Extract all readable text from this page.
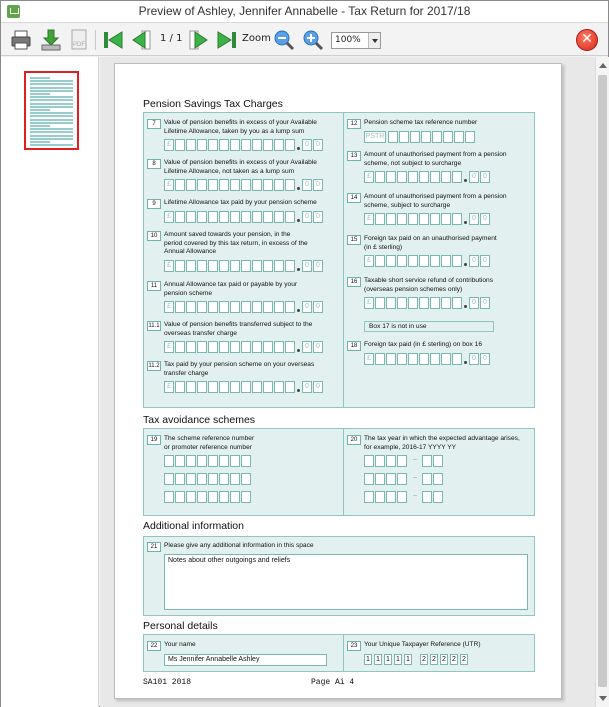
Preview of Ashley, Jennifer Annabelle - Tax Return for 2017/18
PDF
1 / 1	Zoom	100%	✕
Pension Savings Tax Charges
7	Value of pension benefits in excess of your Available
Lifetime Allowance, taken by you as a lump sum
£	0	0
8	Value of pension benefits in excess of your Available
Lifetime Allowance, not taken as a lump sum
£	0	0
9	Lifetime Allowance tax paid by your pension scheme
£	0	0
10	Amount saved towards your pension, in the
period covered by this tax return, in excess of the
Annual Allowance
£	0	0
11	Annual Allowance tax paid or payable by your
pension scheme
£	0	0
11.1 Value of pension benefits transferred subject to the
overseas transfer charge
£	0	0
11.2 Tax paid by your pension scheme on your overseas
transfer charge
£	0	0
12	Pension scheme tax reference number
PSTR
13	Amount of unauthorised payment from a pension
scheme, not subject to surcharge
£	0	0
14	Amount of unauthorised payment from a pension
scheme, subject to surcharge
£	0	0
15	Foreign tax paid on an unauthorised payment
(in £ sterling)
£	0	0
16	Taxable short service refund of contributions
(overseas pension schemes only)
£	0	0
18	Foreign tax paid (in £ sterling) on box 16
£	0	0
Box 17 is not in use
Tax avoidance schemes
19	The scheme reference number
or promoter reference number
20	The tax year in which the expected advantage arises,
for example, 2016-17 YYYY YY
–
–
–
Additional information
21	Please give any additional information in this space
Notes about other outgoings and reliefs
Personal details
22	Your name
Ms Jennifer Annabelle Ashley
23	Your Unique Taxpayer Reference (UTR)
1 1 1 1 1 2 2 2 2 2
SA101 2018	Page Ai 4
